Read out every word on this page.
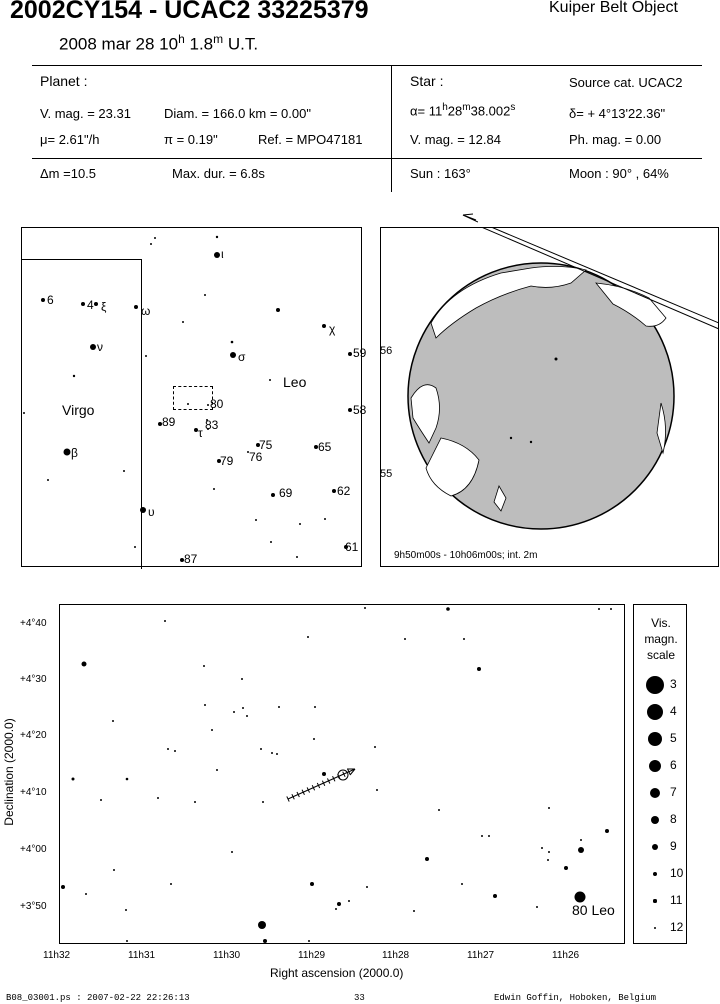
2002CY154 - UCAC2 33225379	Kuiper Belt Object
2008 mar 28 10$^h$ 1.8$^m$ U.T.
Planet :
V. mag. = 23.31	Diam. = 166.0 km = 0.00"
μ= 2.61"/h	π = 0.19"	Ref. = MPO47181
Star :	Source cat. UCAC2
$\alpha= 11^h28^m38.002^s$	δ= + 4°13'22.36"
V. mag. = 12.84	Ph. mag. = 0.00
Δm =10.5	Max. dur. = 6.8s	Sun : 163°	Moon : 90° , 64%
Virgo
Leo
6	4 ξ	ω
ι
ν
χ
σ	59
80	58
89 83
τ
75
76
65
79
β
69	62
υ
61
87
56
55
9h50m00s - 10h06m00s; int. 2m
+4°40
+4°30
+4°20
+4°10
+4°00
+3°50
11h32	11h31	11h30	11h29	11h28	11h27	11h26
80 Leo
Declination (2000.0)
Right ascension (2000.0)
Vis.
magn.
scale
3
4
5
6
7
8
9
10
11
12
B08_03001.ps : 2007-02-22 22:26:13	33	Edwin Goffin, Hoboken, Belgium
